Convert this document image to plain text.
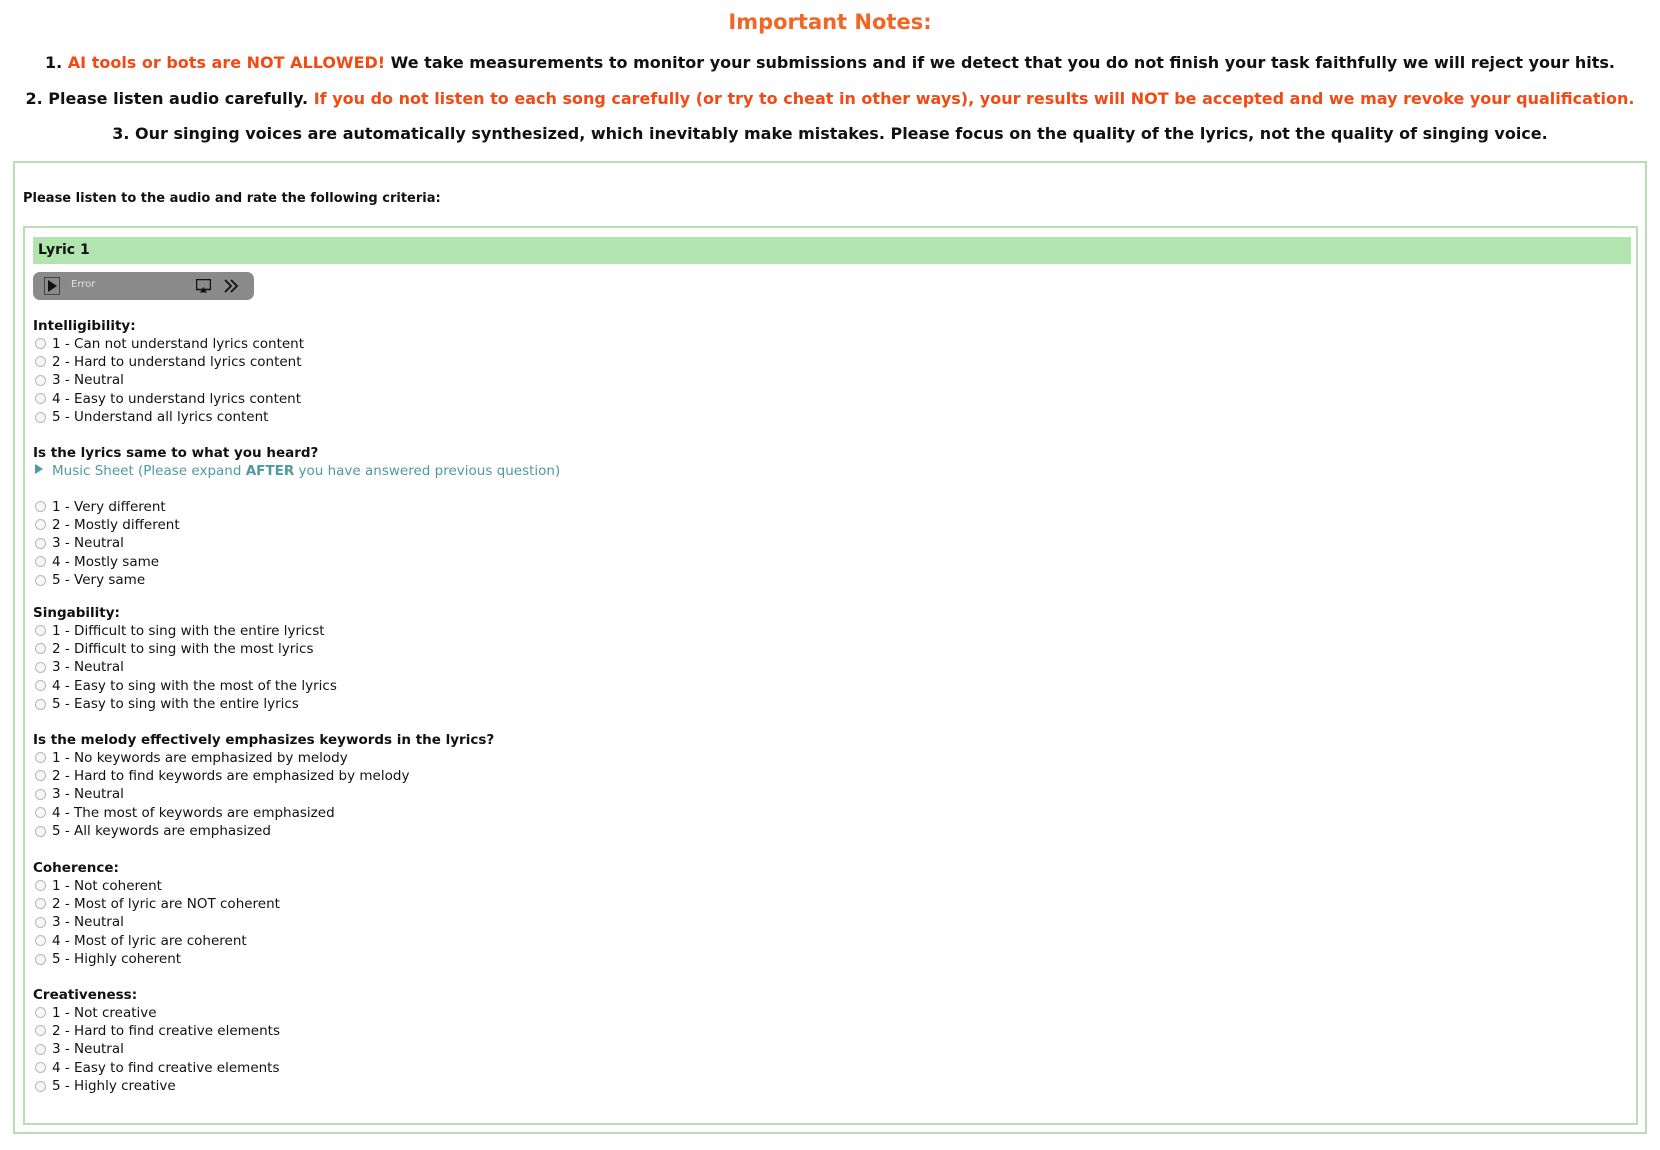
Important Notes:
1. AI tools or bots are NOT ALLOWED! We take measurements to monitor your submissions and if we detect that you do not finish your task faithfully we will reject your hits.
2. Please listen audio carefully. If you do not listen to each song carefully (or try to cheat in other ways), your results will NOT be accepted and we may revoke your qualification.
3. Our singing voices are automatically synthesized, which inevitably make mistakes. Please focus on the quality of the lyrics, not the quality of singing voice.
Please listen to the audio and rate the following criteria:
Lyric 1
Error
Intelligibility:
1 - Can not understand lyrics content
2 - Hard to understand lyrics content
3 - Neutral
4 - Easy to understand lyrics content
5 - Understand all lyrics content
Is the lyrics same to what you heard?
1 - Very different
2 - Mostly different
3 - Neutral
4 - Mostly same
5 - Very same
Singability:
1 - Difficult to sing with the entire lyricst
2 - Difficult to sing with the most lyrics
3 - Neutral
4 - Easy to sing with the most of the lyrics
5 - Easy to sing with the entire lyrics
Is the melody effectively emphasizes keywords in the lyrics?
1 - No keywords are emphasized by melody
2 - Hard to find keywords are emphasized by melody
3 - Neutral
4 - The most of keywords are emphasized
5 - All keywords are emphasized
Coherence:
1 - Not coherent
2 - Most of lyric are NOT coherent
3 - Neutral
4 - Most of lyric are coherent
5 - Highly coherent
Creativeness:
1 - Not creative
2 - Hard to find creative elements
3 - Neutral
4 - Easy to find creative elements
5 - Highly creative
Music Sheet (Please expand AFTER you have answered previous question)
